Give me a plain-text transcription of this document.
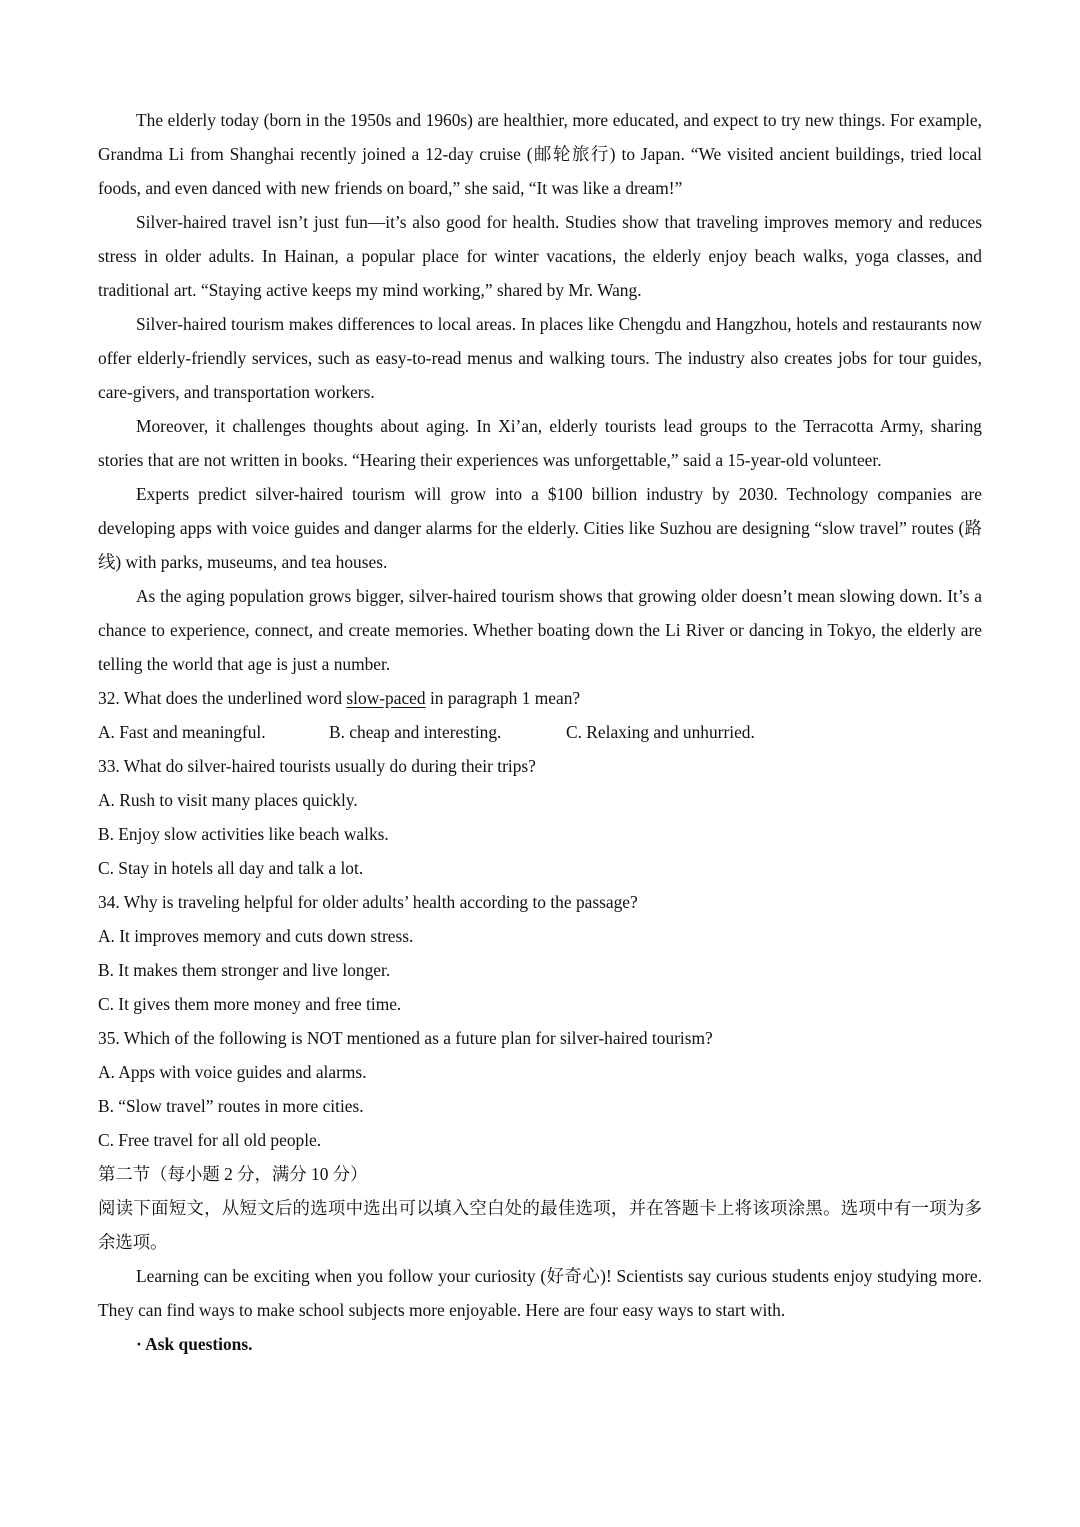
The elderly today (born in the 1950s and 1960s) are healthier, more educated, and expect to try new things. For example, Grandma Li from Shanghai recently joined a 12-day cruise (邮轮旅行) to Japan. “We visited ancient buildings, tried local foods, and even danced with new friends on board,” she said, “It was like a dream!”

Silver-haired travel isn’t just fun—it’s also good for health. Studies show that traveling improves memory and reduces stress in older adults. In Hainan, a popular place for winter vacations, the elderly enjoy beach walks, yoga classes, and traditional art. “Staying active keeps my mind working,” shared by Mr. Wang.

Silver-haired tourism makes differences to local areas. In places like Chengdu and Hangzhou, hotels and restaurants now offer elderly-friendly services, such as easy-to-read menus and walking tours. The industry also creates jobs for tour guides, care-givers, and transportation workers.

Moreover, it challenges thoughts about aging. In Xi’an, elderly tourists lead groups to the Terracotta Army, sharing stories that are not written in books. “Hearing their experiences was unforgettable,” said a 15-year-old volunteer.

Experts predict silver-haired tourism will grow into a $100 billion industry by 2030. Technology companies are developing apps with voice guides and danger alarms for the elderly. Cities like Suzhou are designing “slow travel” routes (路线) with parks, museums, and tea houses.

As the aging population grows bigger, silver-haired tourism shows that growing older doesn’t mean slowing down. It’s a chance to experience, connect, and create memories. Whether boating down the Li River or dancing in Tokyo, the elderly are telling the world that age is just a number.

32. What does the underlined word slow-paced in paragraph 1 mean?

A. Fast and meaningful.	B. cheap and interesting.	C. Relaxing and unhurried.

33. What do silver-haired tourists usually do during their trips?

A. Rush to visit many places quickly.

B. Enjoy slow activities like beach walks.

C. Stay in hotels all day and talk a lot.

34. Why is traveling helpful for older adults’ health according to the passage?

A. It improves memory and cuts down stress.

B. It makes them stronger and live longer.

C. It gives them more money and free time.

35. Which of the following is NOT mentioned as a future plan for silver-haired tourism?

A. Apps with voice guides and alarms.

B. “Slow travel” routes in more cities.

C. Free travel for all old people.

第二节（每小题 2 分，满分 10 分）

阅读下面短文，从短文后的选项中选出可以填入空白处的最佳选项，并在答题卡上将该项涂黑。选项中有一项为多余选项。

Learning can be exciting when you follow your curiosity (好奇心)! Scientists say curious students enjoy studying more. They can find ways to make school subjects more enjoyable. Here are four easy ways to start with.

· Ask questions.
